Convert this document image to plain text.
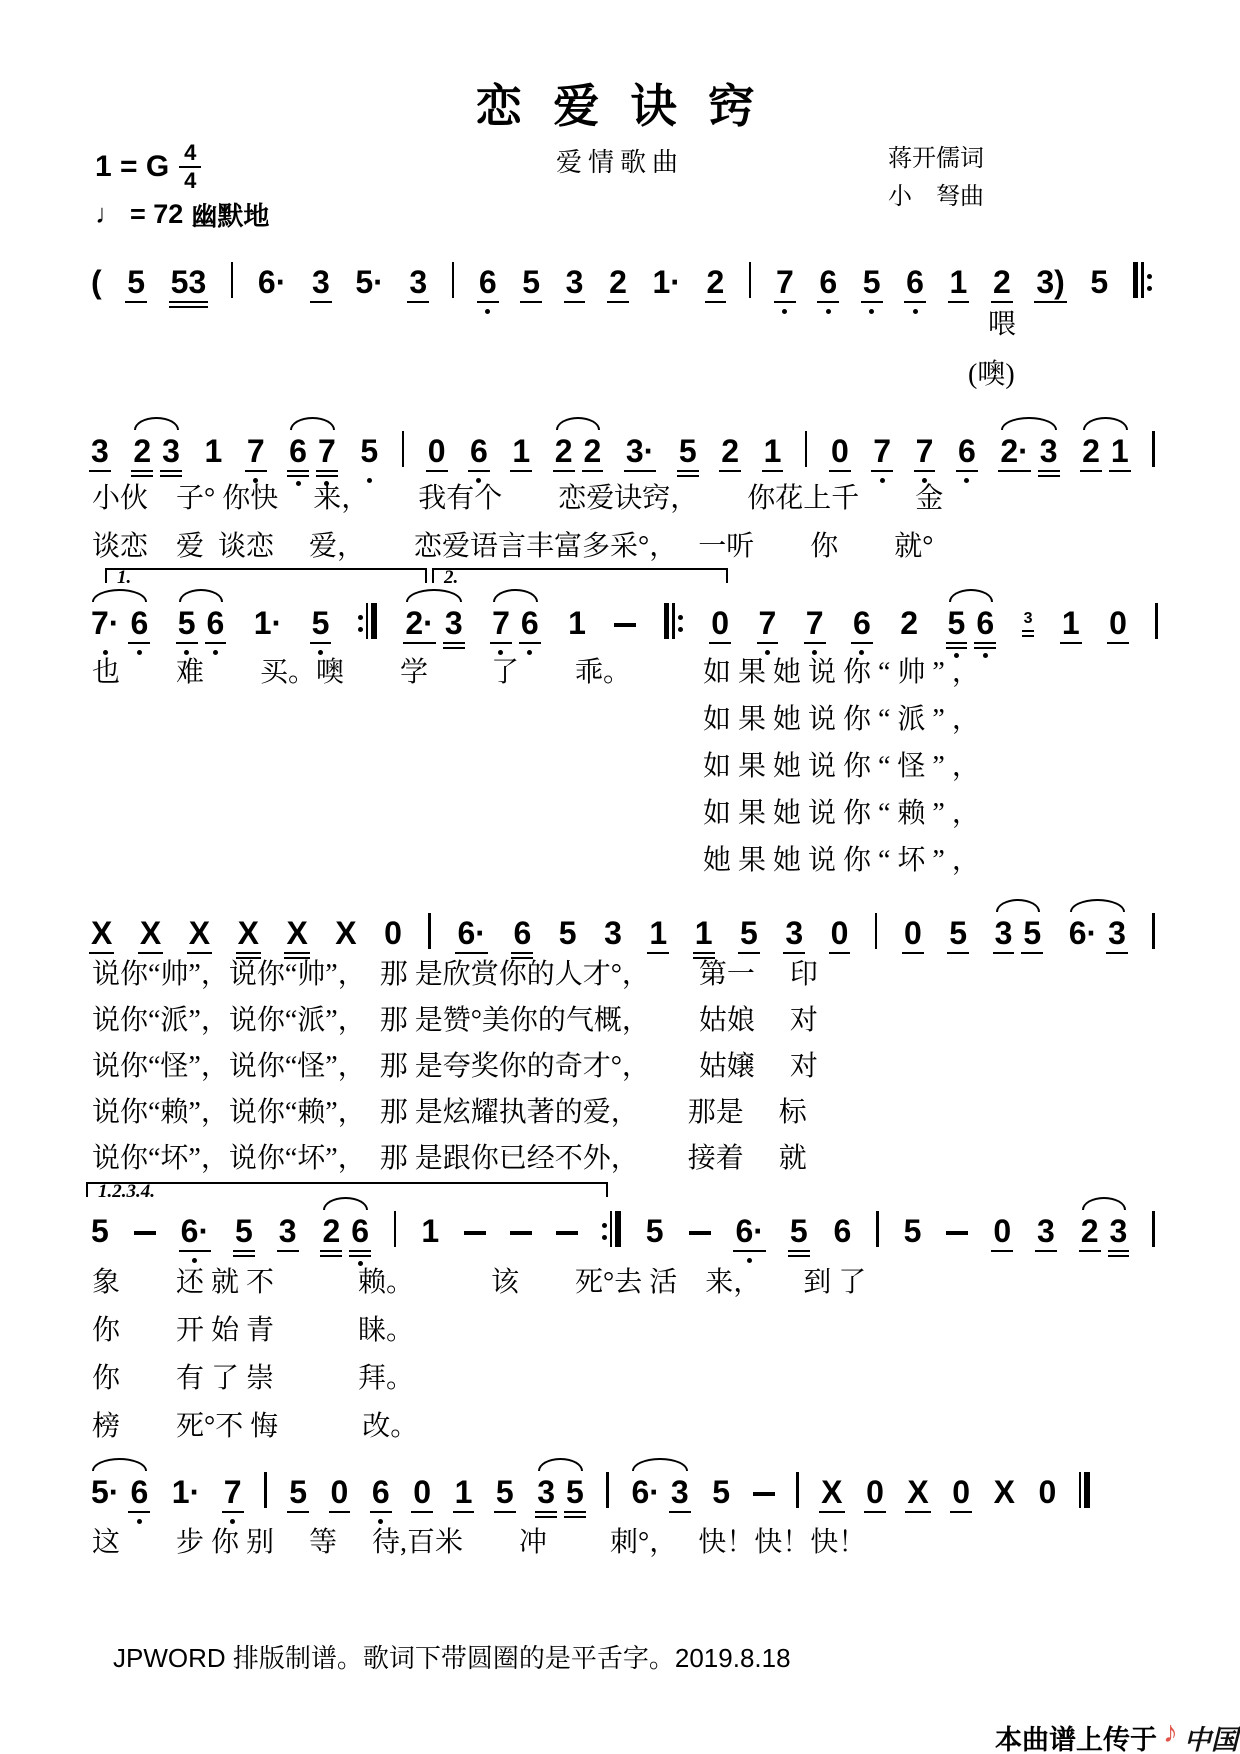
恋 爱 诀 窍
爱情歌曲	蒋开儒词
小　弩曲
1 = G $\frac{4}{4}$
♩ = 72 幽默地
( 5 53 6· 3 5· 3 6 5 3 2 1· 2 7 6 5 6 1 2 3) 5
喂
(噢)
3 2 3 1 7 6 7 5 0 6 1 2 2 3· 5 2 1 0 7 7 6 2· 3 2 1
小伙　子° 你快　 来，　　 我有个　　恋爱诀窍，　　 你花上千　　金
谈恋　爱  谈恋　 爱，　　 恋爱语言丰富多采°，　 一听　　你　　就°
1.	2.
7· 6 5 6 1· 5 2· 3 7 6 1	0 7 7 6 2 5 6 3 1 0
也　　难　　买。噢　　学　　 了　　乖。	如果她说你“帅”，
如果她说你“派”，
如果她说你“怪”，
如果她说你“赖”，
她果她说你“坏”，
X X X X X X 0 6· 6 5 3 1 1 5 3 0 0 5 3 5 6· 3
说你“帅”，说你“帅”，　那 是欣赏你的人才°，　　 第一　 印
说你“派”，说你“派”，　那 是赞°美你的气概，　　 姑娘　 对
说你“怪”，说你“怪”，　那 是夸奖你的奇才°，　　 姑嬢　 对
说你“赖”，说你“赖”，　那 是炫耀执著的爱，　　 那是　 标
说你“坏”，说你“坏”，　那 是跟你已经不外，　　 接着　 就
1.2.3.4.
5 6· 5 3 2 6 1	5 6· 5 6 5 0 3 2 3
象　　还 就 不　　　赖。　　　 该　　死°去 活　来，　　到 了
你　　开 始 青　　　睐。
你　　有 了 崇　　　拜。
榜　　死°不 悔　　　改。
5· 6 1· 7 5 0 6 0 1 5 3 5 6· 3 5	X 0 X 0 X 0
这　　步 你 别　 等　 待,百米　　冲　　 刺°，　 快！快！快！
JPWORD 排版制谱。歌词下带圆圈的是平舌字。2019.8.18
本曲谱上传于 ♪ 中国
